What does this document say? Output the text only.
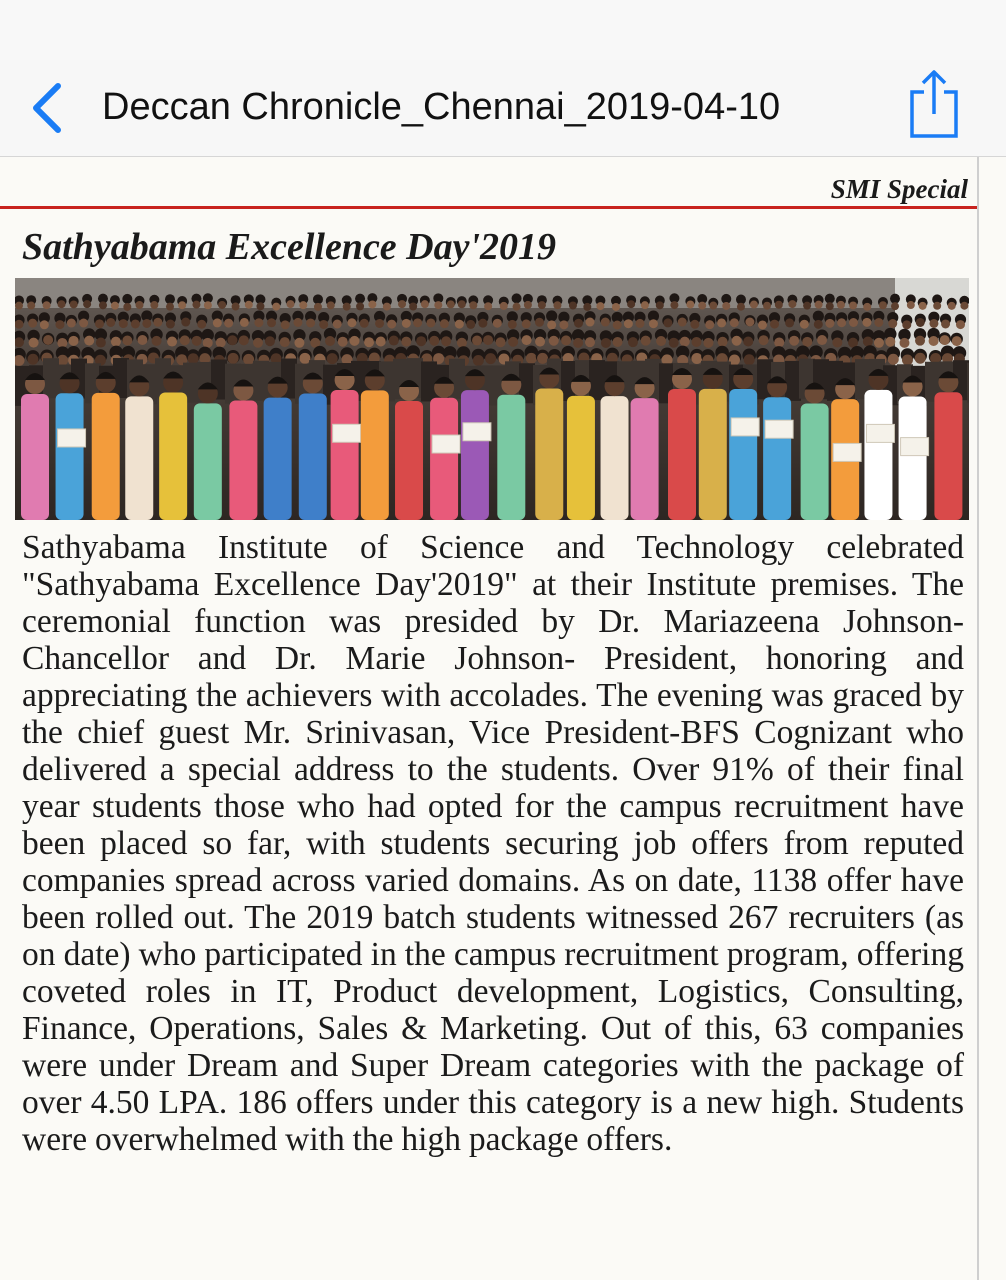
Deccan Chronicle_Chennai_2019-04-10
SMI Special
Sathyabama Excellence Day'2019
Sathyabama Institute of Science and Technology celebrated "Sathyabama Excellence Day'2019" at their Institute premises. The ceremonial function was presided by Dr. Mariazeena Johnson- Chancellor and Dr. Marie Johnson- President, honoring and appreciating the achievers with accolades. The evening was graced by the chief guest Mr. Srinivasan, Vice President-BFS Cognizant who delivered a special address to the students. Over 91% of their final year students those who had opted for the campus recruitment have been placed so far, with students securing job offers from reputed companies spread across varied domains. As on date, 1138 offer have been rolled out. The 2019 batch students witnessed 267 recruiters (as on date) who participated in the campus recruitment program, offering coveted roles in IT, Product development, Logistics, Consulting, Finance, Operations, Sales & Marketing. Out of this, 63 companies were under Dream and Super Dream categories with the package of over 4.50 LPA. 186 offers under this category is a new high. Students were overwhelmed with the high package offers.
